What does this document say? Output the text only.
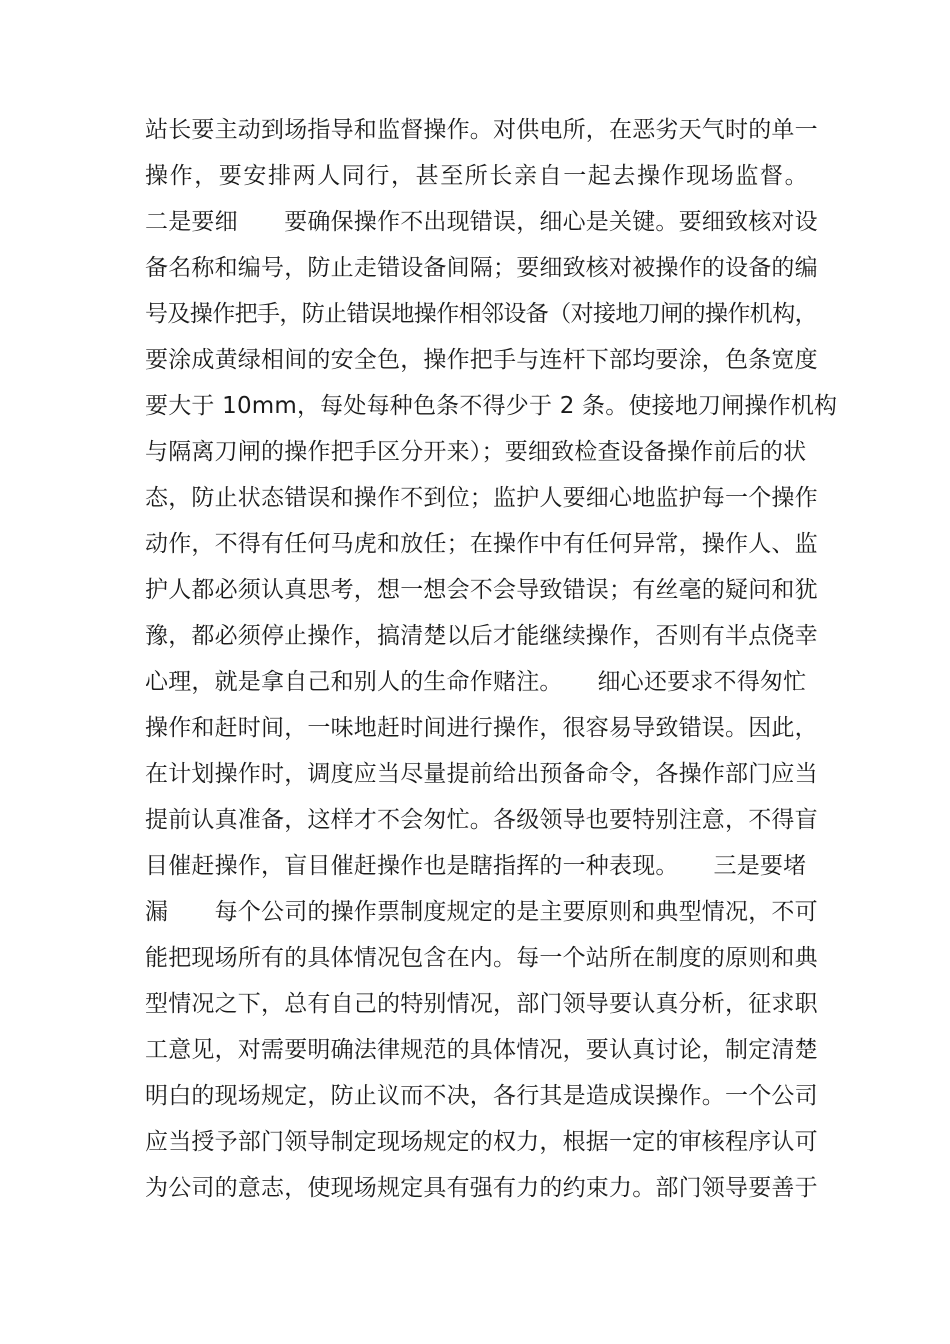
站长要主动到场指导和监督操作。对供电所，在恶劣天气时的单一
操作，要安排两人同行，甚至所长亲自一起去操作现场监督。
二是要细　　要确保操作不出现错误，细心是关键。要细致核对设
备名称和编号，防止走错设备间隔；要细致核对被操作的设备的编
号及操作把手，防止错误地操作相邻设备（对接地刀闸的操作机构，
要涂成黄绿相间的安全色，操作把手与连杆下部均要涂，色条宽度
要大于 10mm，每处每种色条不得少于 2 条。使接地刀闸操作机构
与隔离刀闸的操作把手区分开来）；要细致检查设备操作前后的状
态，防止状态错误和操作不到位；监护人要细心地监护每一个操作
动作，不得有任何马虎和放任；在操作中有任何异常，操作人、监
护人都必须认真思考，想一想会不会导致错误；有丝毫的疑问和犹
豫，都必须停止操作，搞清楚以后才能继续操作，否则有半点侥幸
心理，就是拿自己和别人的生命作赌注。　　细心还要求不得匆忙
操作和赶时间，一味地赶时间进行操作，很容易导致错误。因此，
在计划操作时，调度应当尽量提前给出预备命令，各操作部门应当
提前认真准备，这样才不会匆忙。各级领导也要特别注意，不得盲
目催赶操作，盲目催赶操作也是瞎指挥的一种表现。　　三是要堵
漏　　每个公司的操作票制度规定的是主要原则和典型情况，不可
能把现场所有的具体情况包含在内。每一个站所在制度的原则和典
型情况之下，总有自己的特别情况，部门领导要认真分析，征求职
工意见，对需要明确法律规范的具体情况，要认真讨论，制定清楚
明白的现场规定，防止议而不决，各行其是造成误操作。一个公司
应当授予部门领导制定现场规定的权力，根据一定的审核程序认可
为公司的意志，使现场规定具有强有力的约束力。部门领导要善于
